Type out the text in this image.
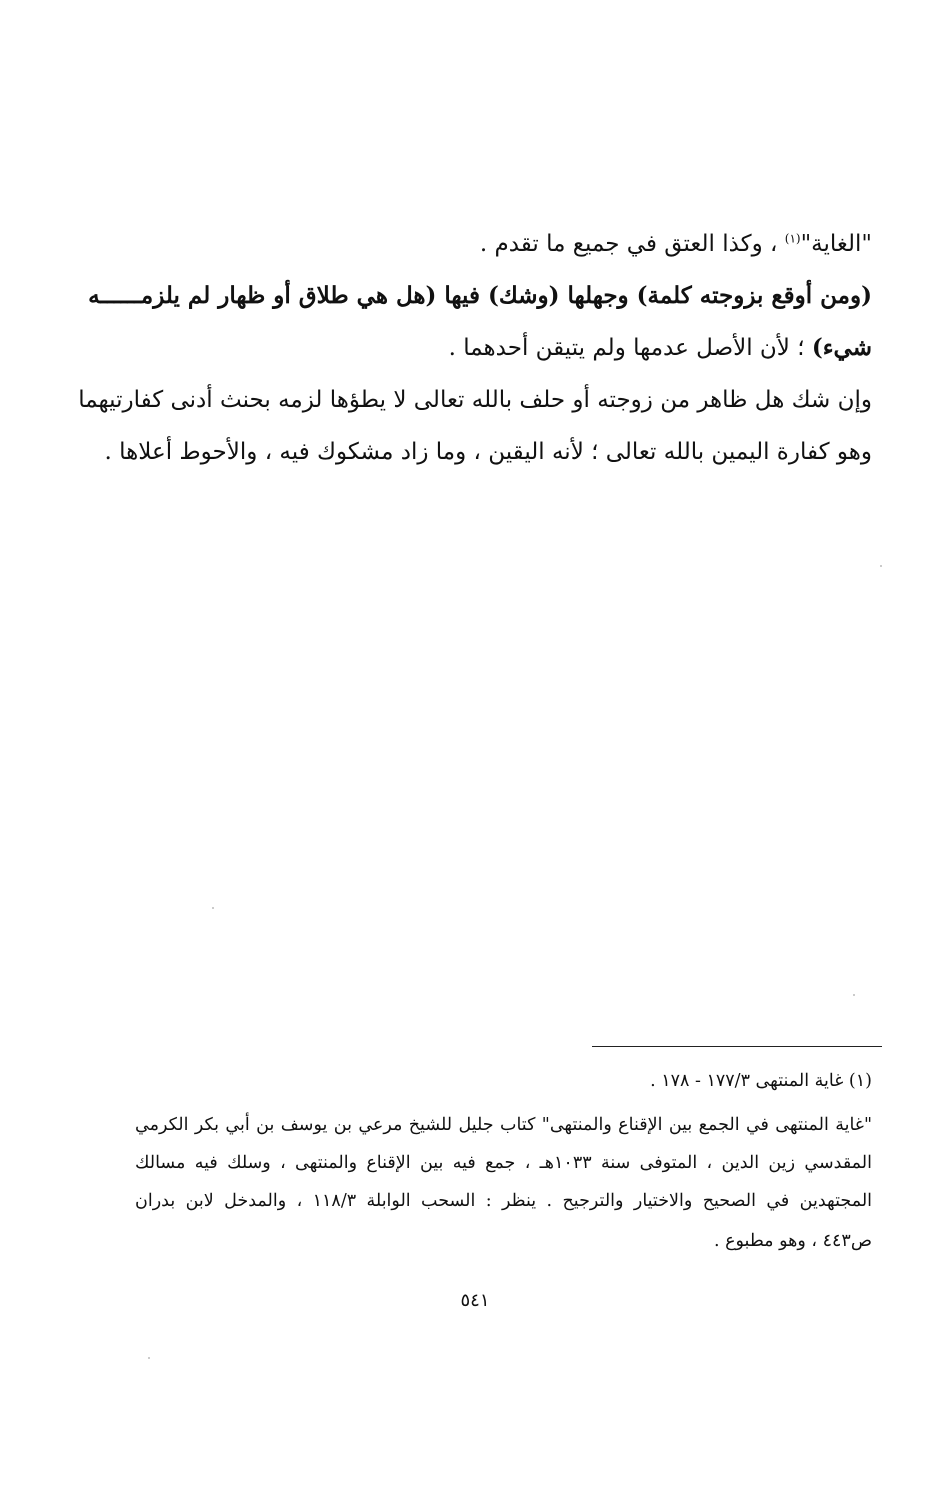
"الغاية"$^{(١)}$ ، وكذا العتق في جميع ما تقدم .
(ومن أوقع بزوجته كلمة) وجهلها (وشك) فيها (هل هي طلاق أو ظهار لم يلزمــــــه
شيء) ؛ لأن الأصل عدمها ولم يتيقن أحدهما .
وإن شك هل ظاهر من زوجته أو حلف بالله تعالى لا يطؤها لزمه بحنث أدنى كفارتيهما
وهو كفارة اليمين بالله تعالى ؛ لأنه اليقين ، وما زاد مشكوك فيه ، والأحوط أعلاها .
(١) غاية المنتهى ١٧٧/٣ - ١٧٨ .
"غاية المنتهى في الجمع بين الإقناع والمنتهى" كتاب جليل للشيخ مرعي بن يوسف بن أبي بكر الكرمي
المقدسي زين الدين ، المتوفى سنة ١٠٣٣هـ ، جمع فيه بين الإقناع والمنتهى ، وسلك فيه مسالك
المجتهدين في الصحيح والاختيار والترجيح . ينظر : السحب الوابلة ١١٨/٣ ، والمدخل لابن بدران
ص٤٤٣ ، وهو مطبوع .
٥٤١
